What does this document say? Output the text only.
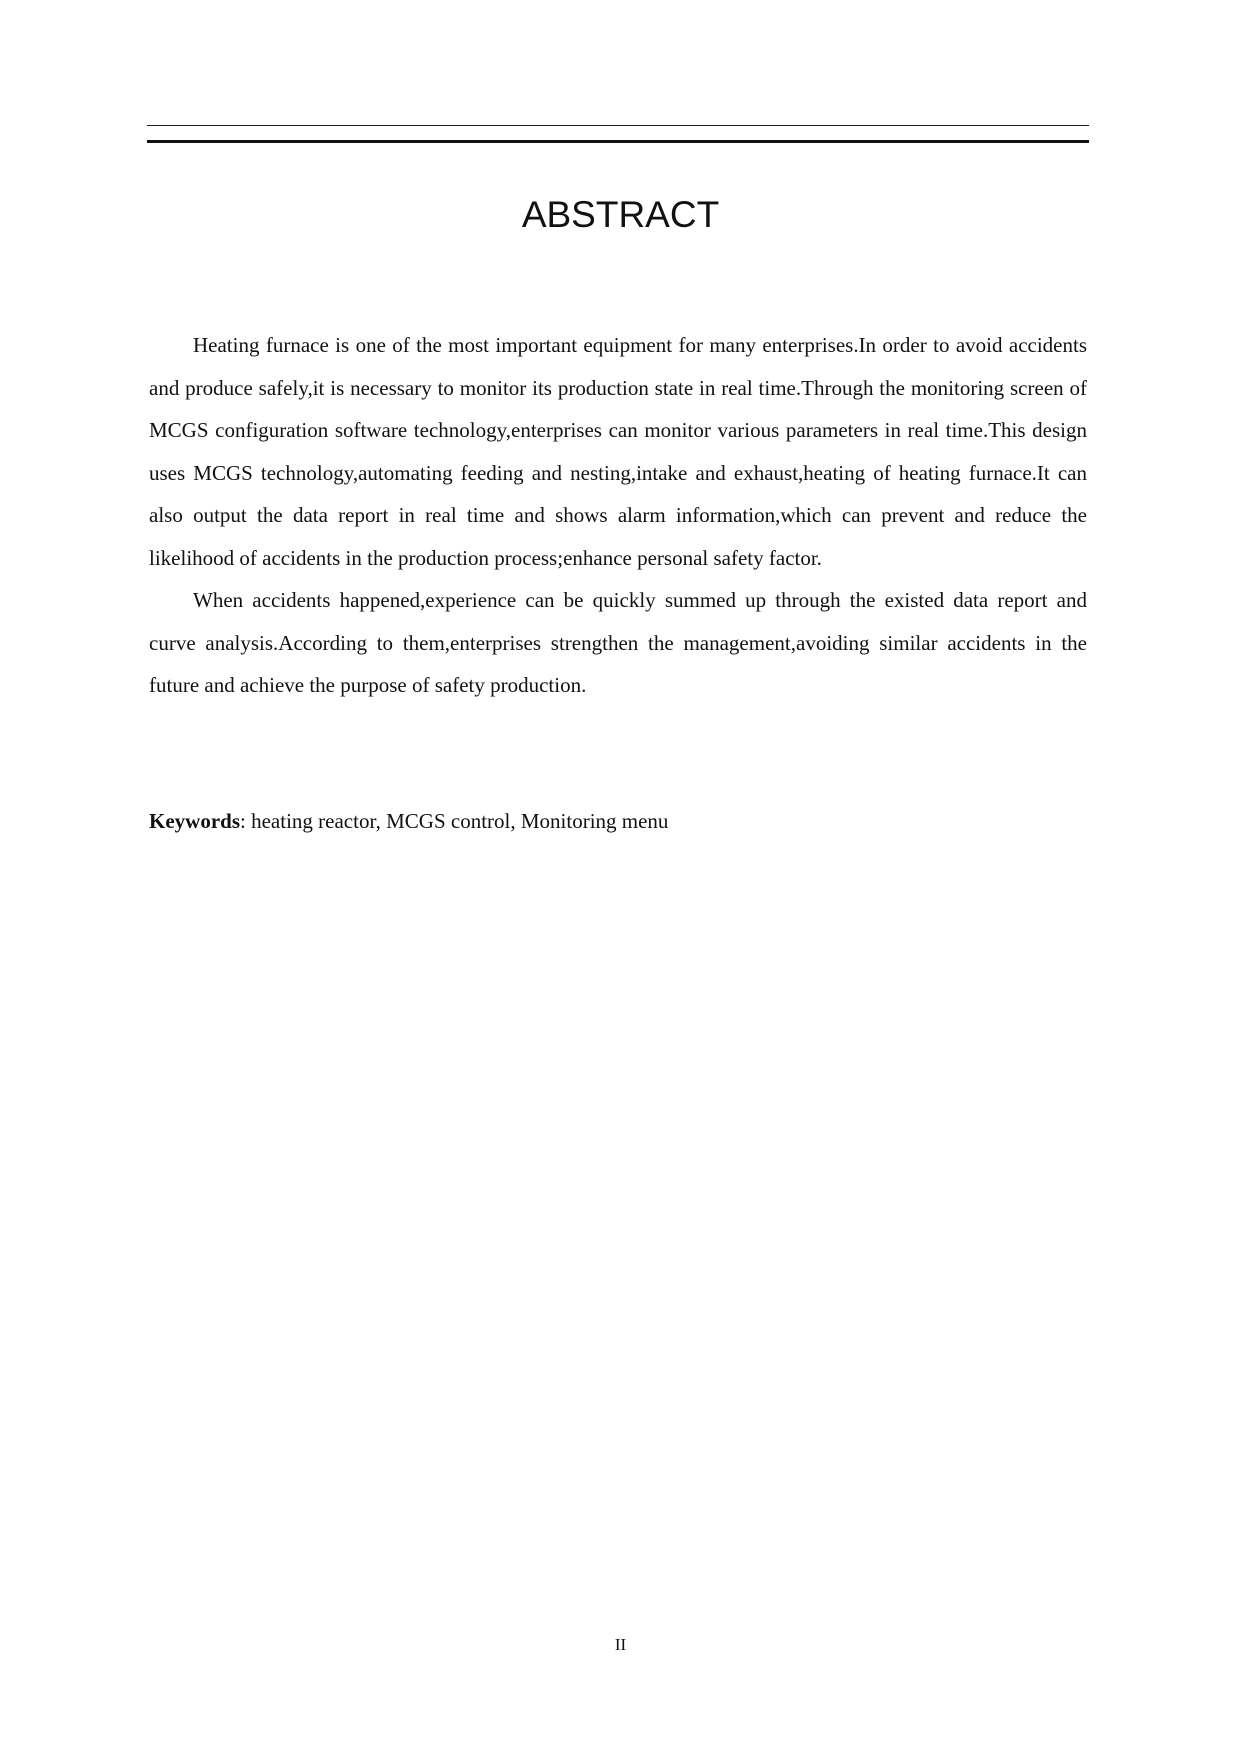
ABSTRACT

Heating furnace is one of the most important equipment for many enterprises.In order to avoid accidents and produce safely,it is necessary to monitor its production state in real time.Through the monitoring screen of MCGS configuration software technology,enterprises can monitor various parameters in real time.This design uses MCGS technology,automating feeding and nesting,intake and exhaust,heating of heating furnace.It can also output the data report in real time and shows alarm information,which can prevent and reduce the likelihood of accidents in the production process;enhance personal safety factor.

When accidents happened,experience can be quickly summed up through the existed data report and curve analysis.According to them,enterprises strengthen the management,avoiding similar accidents in the future and achieve the purpose of safety production.

Keywords: heating reactor, MCGS control, Monitoring menu

II
